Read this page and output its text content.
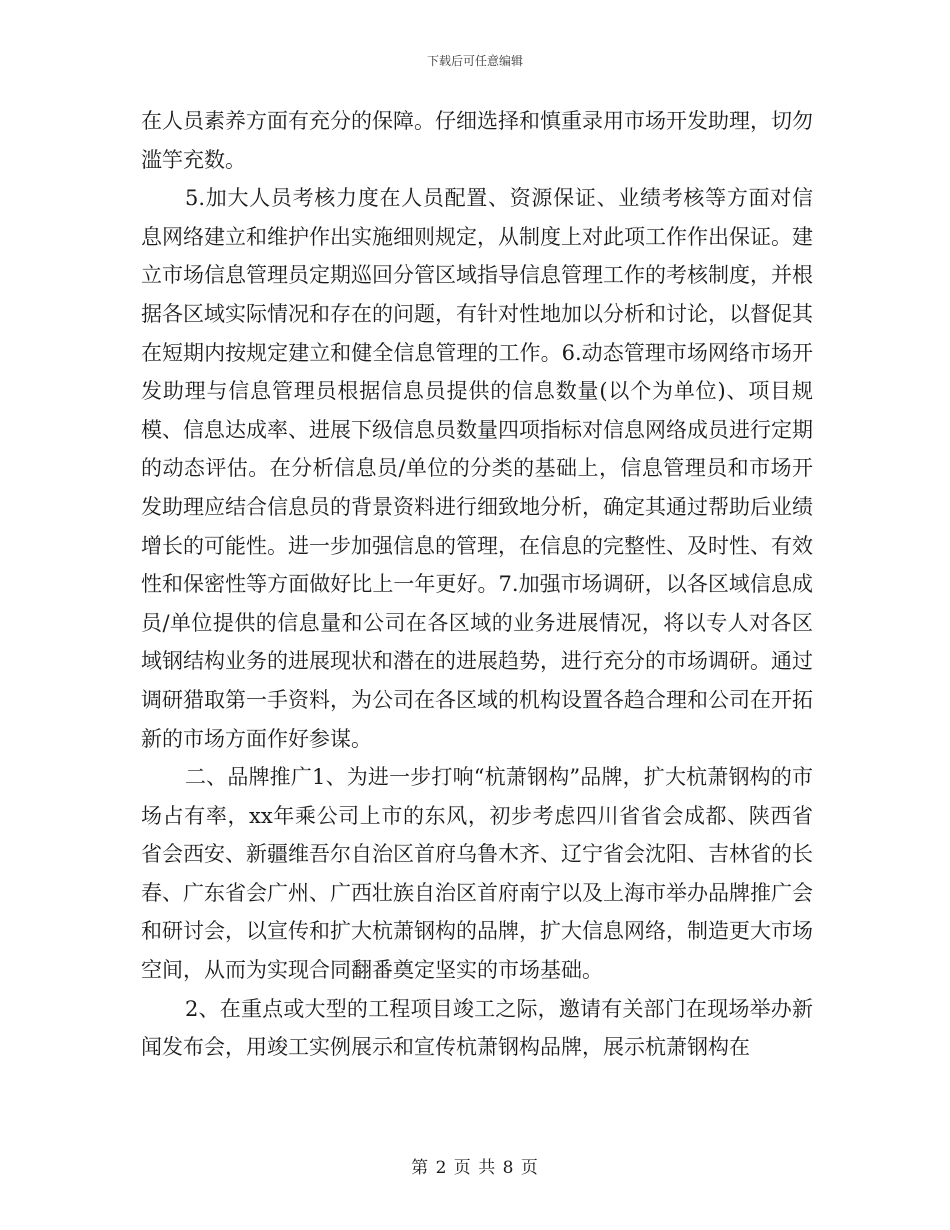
下载后可任意编辑

在人员素养方面有充分的保障。仔细选择和慎重录用市场开发助理，切勿滥竽充数。

5.加大人员考核力度在人员配置、资源保证、业绩考核等方面对信息网络建立和维护作出实施细则规定，从制度上对此项工作作出保证。建立市场信息管理员定期巡回分管区域指导信息管理工作的考核制度，并根据各区域实际情况和存在的问题，有针对性地加以分析和讨论，以督促其在短期内按规定建立和健全信息管理的工作。6.动态管理市场网络市场开发助理与信息管理员根据信息员提供的信息数量(以个为单位)、项目规模、信息达成率、进展下级信息员数量四项指标对信息网络成员进行定期的动态评估。在分析信息员/单位的分类的基础上，信息管理员和市场开发助理应结合信息员的背景资料进行细致地分析，确定其通过帮助后业绩增长的可能性。进一步加强信息的管理，在信息的完整性、及时性、有效性和保密性等方面做好比上一年更好。7.加强市场调研，以各区域信息成员/单位提供的信息量和公司在各区域的业务进展情况，将以专人对各区域钢结构业务的进展现状和潜在的进展趋势，进行充分的市场调研。通过调研猎取第一手资料，为公司在各区域的机构设置各趋合理和公司在开拓新的市场方面作好参谋。

二、品牌推广1、为进一步打响“杭萧钢构”品牌，扩大杭萧钢构的市场占有率，xx年乘公司上市的东风，初步考虑四川省省会成都、陕西省省会西安、新疆维吾尔自治区首府乌鲁木齐、辽宁省会沈阳、吉林省的长春、广东省会广州、广西壮族自治区首府南宁以及上海市举办品牌推广会和研讨会，以宣传和扩大杭萧钢构的品牌，扩大信息网络，制造更大市场空间，从而为实现合同翻番奠定坚实的市场基础。

2、在重点或大型的工程项目竣工之际，邀请有关部门在现场举办新闻发布会，用竣工实例展示和宣传杭萧钢构品牌，展示杭萧钢构在

第 2 页 共 8 页
